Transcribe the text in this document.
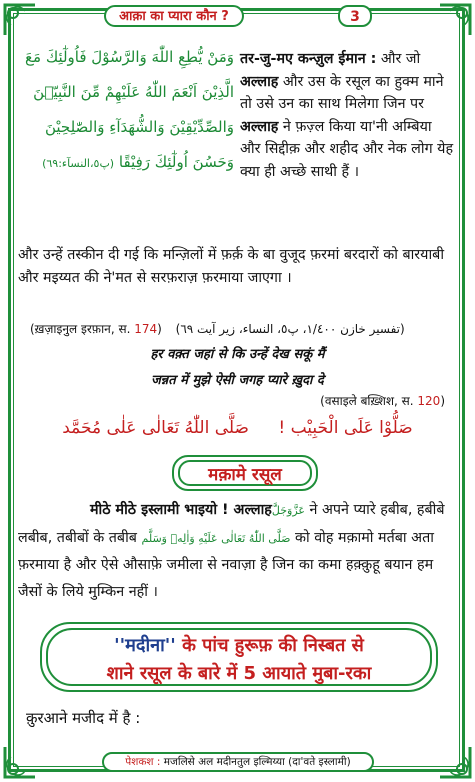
आक़ा का प्यारा कौन ?	3
وَمَنْ يُّطِعِ اللّٰهَ وَالرَّسُوْلَ فَاُولٰٓئِكَ مَعَ
الَّذِيْنَ اَنْعَمَ اللّٰهُ عَلَيْهِمْ مِّنَ النَّبِيّٖنَ
وَالصِّدِّيْقِيْنَ وَالشُّهَدَآءِ وَالصّٰلِحِيْنَ
وَحَسُنَ اُولٰٓئِكَ رَفِيْقًا (پ٥،النسآء:٦٩)
तर-जु-मए कन्ज़ुल ईमान : और जो अल्लाह और उस के रसूल का हुक्म माने तो उसे उन का साथ मिलेगा जिन पर अल्लाह ने फ़ज़्ल किया या'नी अम्बिया और सिद्दीक़ और शहीद और नेक लोग येह क्या ही अच्छे साथी हैं ।
और उन्हें तस्कीन दी गई कि मन्ज़िलों में फ़र्क़ के बा वुजूद फ़रमां बरदारों को बारयाबी और मइय्यत की ने'मत से सरफ़राज़ फ़रमाया जाएगा ।
(ख़ज़ाइनुल इरफ़ान, स. 174) (تفسیر خازن ١/٤٠٠، پ٥، النساء، زیر آیت ٦٩)
हर वक़्त जहां से कि उन्हें देख सकूं मैं
जन्नत में मुझे ऐसी जगह प्यारे ख़ुदा दे
(वसाइले बख़्शिश, स. 120)
صَلُّوْا عَلَى الْحَبِيْب ! صَلَّى اللّٰهُ تَعَالٰى عَلٰى مُحَمَّد
मक़ामे रसूल
मीठे मीठे इस्लामी भाइयो ! अल्लाहعَزَّوَجَلَّ ने अपने प्यारे हबीब, हबीबे लबीब, तबीबों के तबीब صَلَّى اللّٰهُ تَعَالٰى عَلَيْهِ وَاٰلِهٖ وَسَلَّم को वोह मक़ामो मर्तबा अता फ़रमाया है और ऐसे औसाफ़े जमीला से नवाज़ा है जिन का कमा हक़्क़ुहू बयान हम जैसों के लिये मुम्किन नहीं ।
''मदीना'' के पांच हुरूफ़ की निस्बत से
शाने रसूल के बारे में 5 आयाते मुबा-रका
क़ुरआने मजीद में है :
पेशकश : मजलिसे अल मदीनतुल इल्मिय्या (दा'वते इस्लामी)
